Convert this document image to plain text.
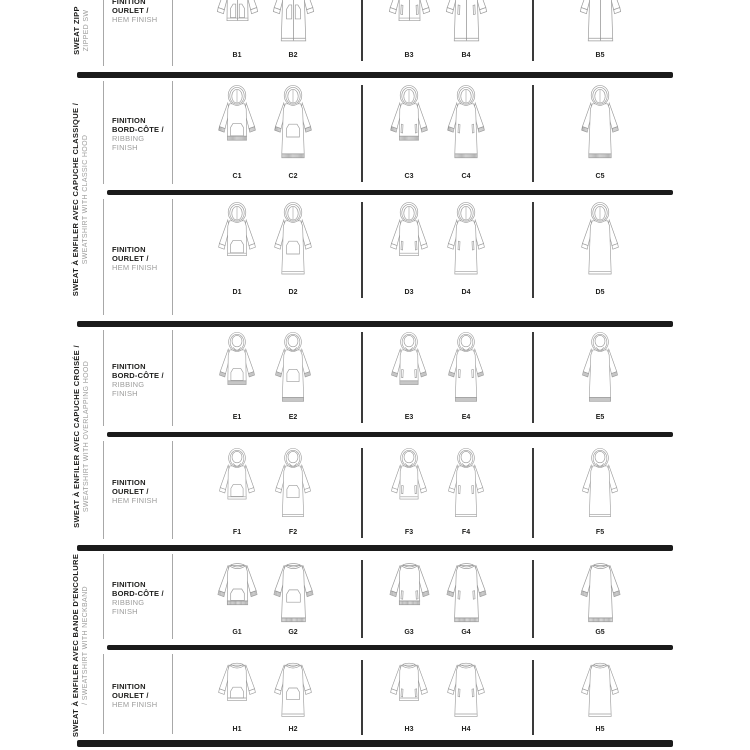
SWEAT ZIPP ZIPPED SW
FINITION
OURLET /
HEM FINISH
B1	B2	B3	B4	B5
SWEAT À ENFILER AVEC CAPUCHE CLASSIQUE / SWEATSHIRT WITH CLASSIC HOOD
FINITION
BORD-CÔTE /
RIBBING
FINISH
C1	C2	C3	C4	C5
FINITION
OURLET /
HEM FINISH
D1	D2	D3	D4	D5
SWEAT À ENFILER AVEC CAPUCHE CROISÉE / SWEATSHIRT WITH OVERLAPPING HOOD	FINITION
BORD-CÔTE /
RIBBING
FINISH
E1	E2	E3	E4	E5
FINITION
OURLET /
HEM FINISH
F1	F2	F3	F4	F5
SWEAT À ENFILER AVEC BANDE D'ENCOLURE / SWEATSHIRT WITH NECKBAND
FINITION
BORD-CÔTE /
RIBBING
FINISH
G1	G2	G3	G4	G5
FINITION
OURLET /
HEM FINISH
H1	H2	H3	H4	H5
